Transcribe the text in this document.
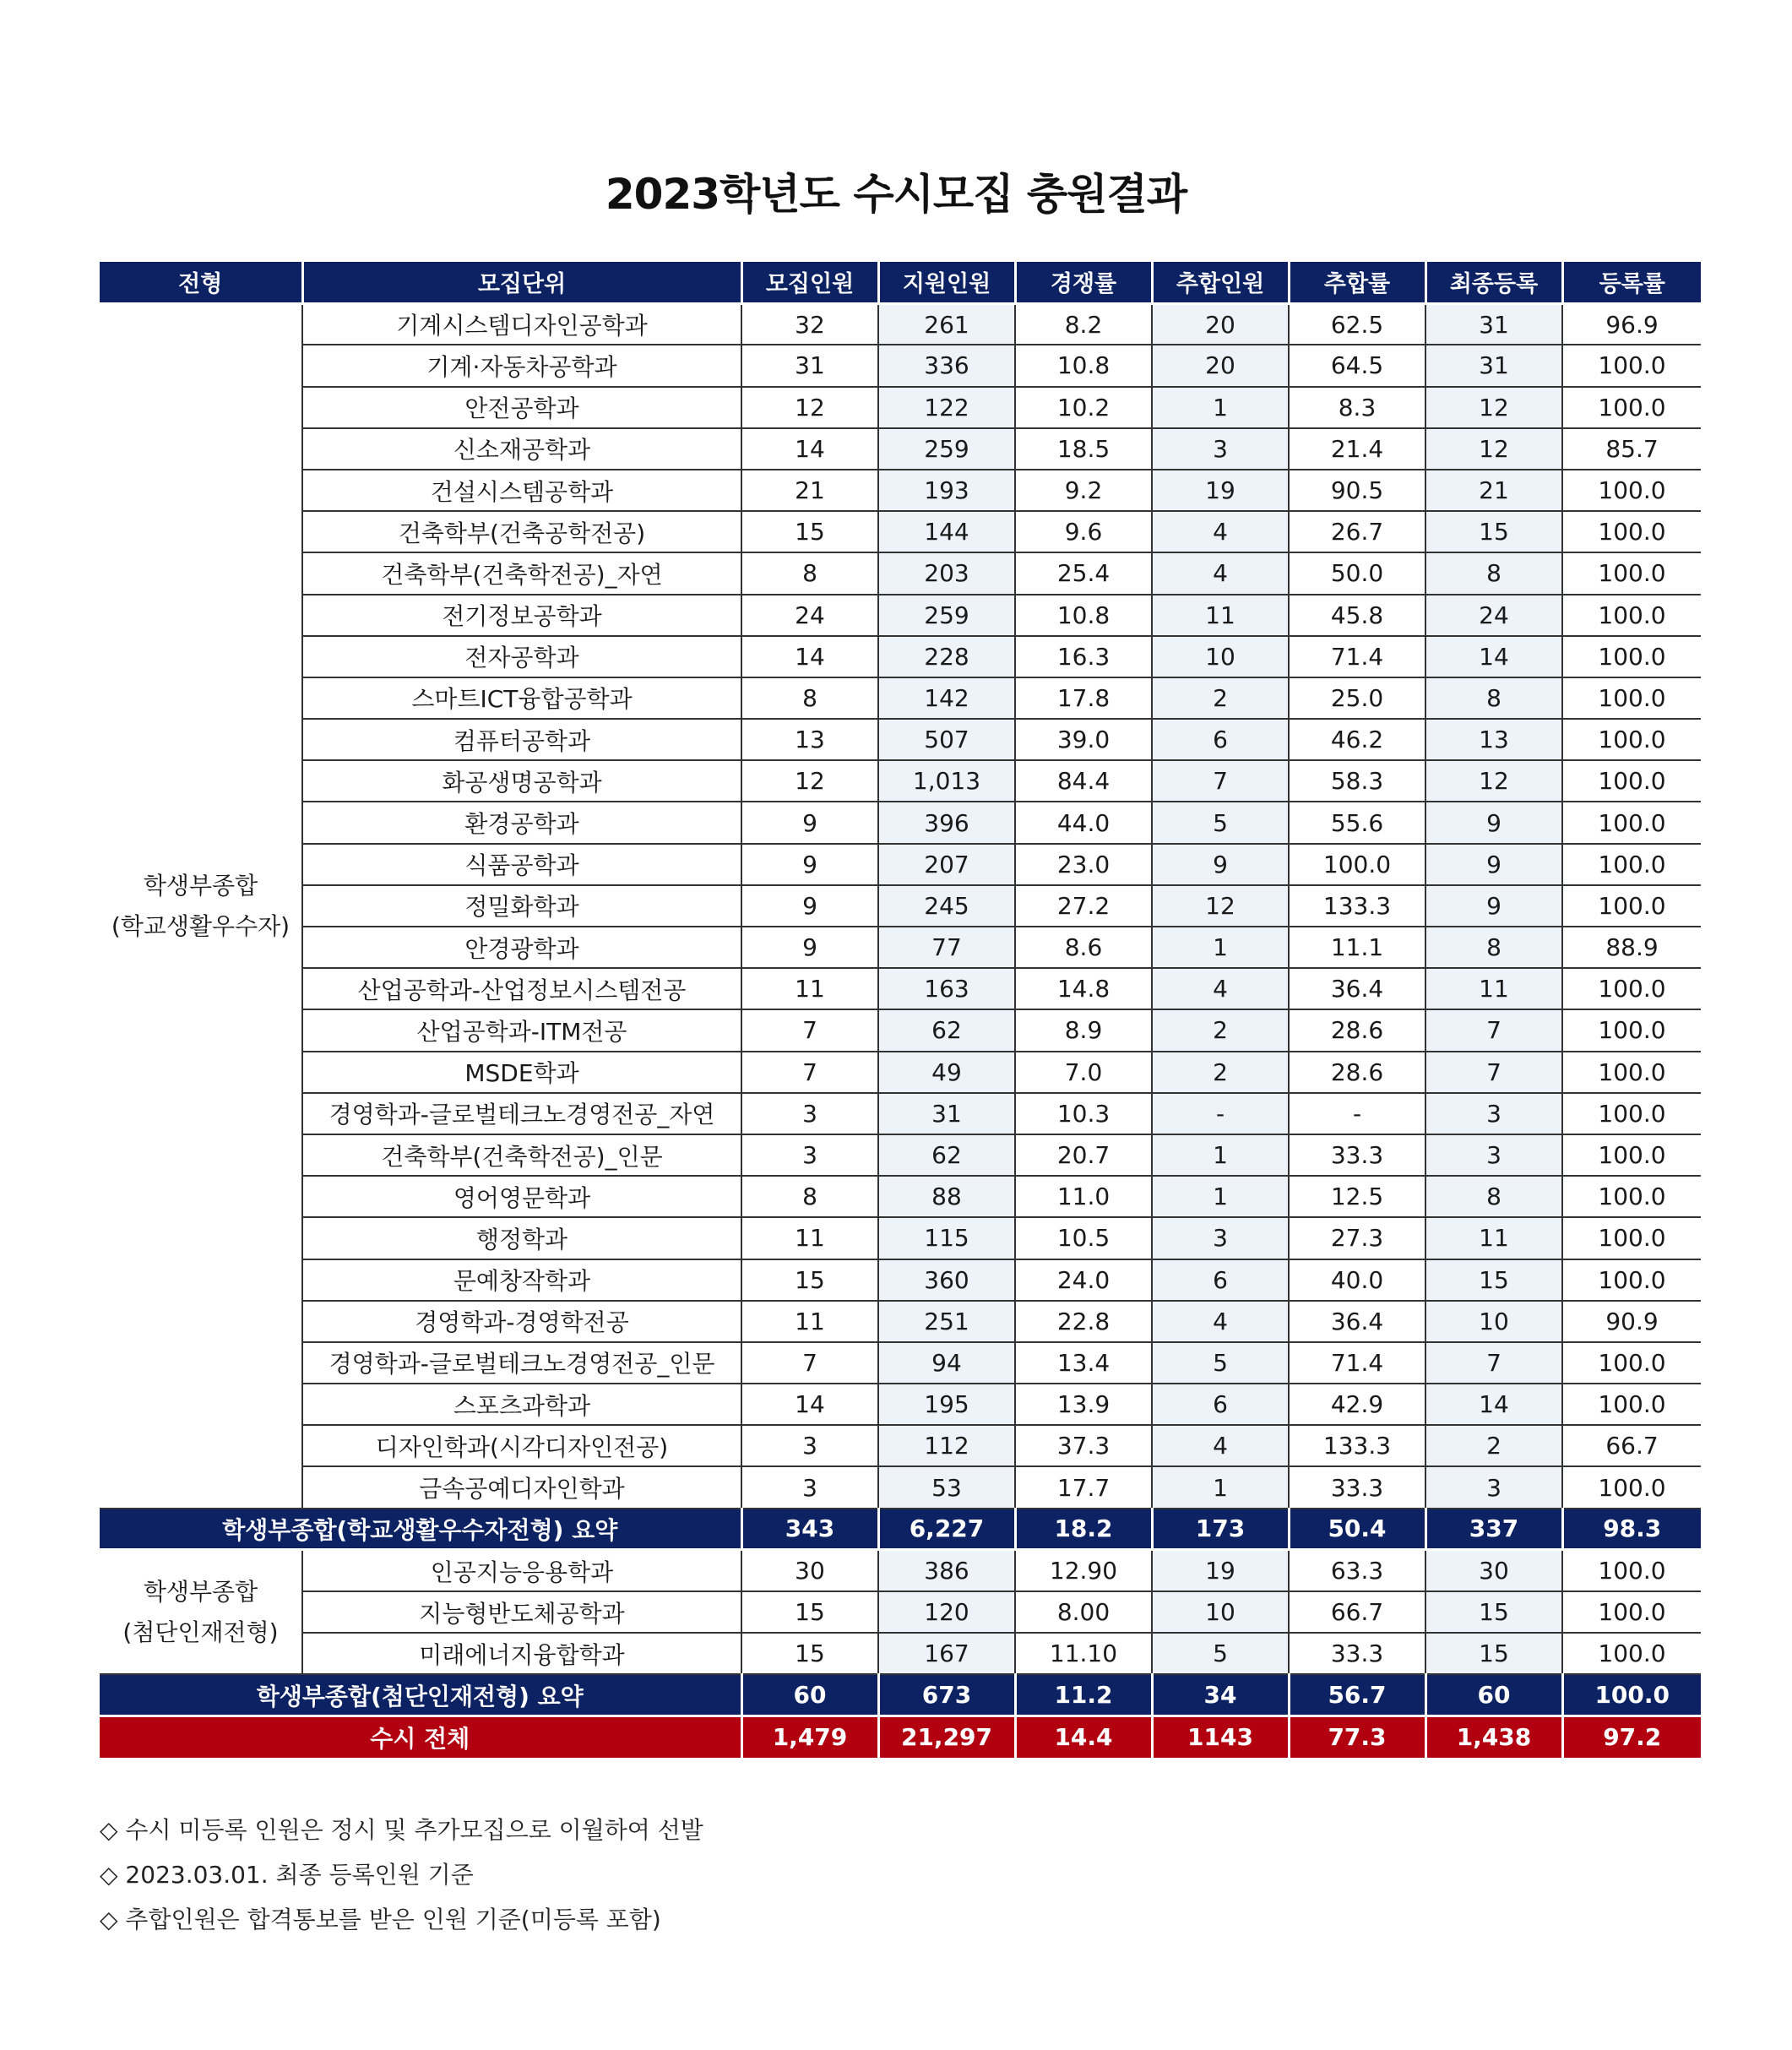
2023학년도 수시모집 충원결과
전형	모집단위	모집인원	지원인원	경쟁률	추합인원	추합률	최종등록	등록률

학생부종합
(학교생활우수자)	기계시스템디자인공학과	32	261	8.2	20	62.5	31	96.9
	기계·자동차공학과	31	336	10.8	20	64.5	31	100.0
	안전공학과	12	122	10.2	1	8.3	12	100.0
	신소재공학과	14	259	18.5	3	21.4	12	85.7
	건설시스템공학과	21	193	9.2	19	90.5	21	100.0
	건축학부(건축공학전공)	15	144	9.6	4	26.7	15	100.0
	건축학부(건축학전공)_자연	8	203	25.4	4	50.0	8	100.0
	전기정보공학과	24	259	10.8	11	45.8	24	100.0
	전자공학과	14	228	16.3	10	71.4	14	100.0
	스마트ICT융합공학과	8	142	17.8	2	25.0	8	100.0
	컴퓨터공학과	13	507	39.0	6	46.2	13	100.0
	화공생명공학과	12	1,013	84.4	7	58.3	12	100.0
	환경공학과	9	396	44.0	5	55.6	9	100.0
	식품공학과	9	207	23.0	9	100.0	9	100.0
	정밀화학과	9	245	27.2	12	133.3	9	100.0
	안경광학과	9	77	8.6	1	11.1	8	88.9
	산업공학과-산업정보시스템전공	11	163	14.8	4	36.4	11	100.0
	산업공학과-ITM전공	7	62	8.9	2	28.6	7	100.0
	MSDE학과	7	49	7.0	2	28.6	7	100.0
	경영학과-글로벌테크노경영전공_자연	3	31	10.3	-	-	3	100.0
	건축학부(건축학전공)_인문	3	62	20.7	1	33.3	3	100.0
	영어영문학과	8	88	11.0	1	12.5	8	100.0
	행정학과	11	115	10.5	3	27.3	11	100.0
	문예창작학과	15	360	24.0	6	40.0	15	100.0
	경영학과-경영학전공	11	251	22.8	4	36.4	10	90.9
	경영학과-글로벌테크노경영전공_인문	7	94	13.4	5	71.4	7	100.0
	스포츠과학과	14	195	13.9	6	42.9	14	100.0
	디자인학과(시각디자인전공)	3	112	37.3	4	133.3	2	66.7
	금속공예디자인학과	3	53	17.7	1	33.3	3	100.0
학생부종합(학교생활우수자전형) 요약		343	6,227	18.2	173	50.4	337	98.3

학생부종합
(첨단인재전형)	인공지능응용학과	30	386	12.90	19	63.3	30	100.0
	지능형반도체공학과	15	120	8.00	10	66.7	15	100.0
	미래에너지융합학과	15	167	11.10	5	33.3	15	100.0
학생부종합(첨단인재전형) 요약		60	673	11.2	34	56.7	60	100.0
수시 전체		1,479	21,297	14.4	1143	77.3	1,438	97.2
◇ 수시 미등록 인원은 정시 및 추가모집으로 이월하여 선발
◇ 2023.03.01. 최종 등록인원 기준
◇ 추합인원은 합격통보를 받은 인원 기준(미등록 포함)
